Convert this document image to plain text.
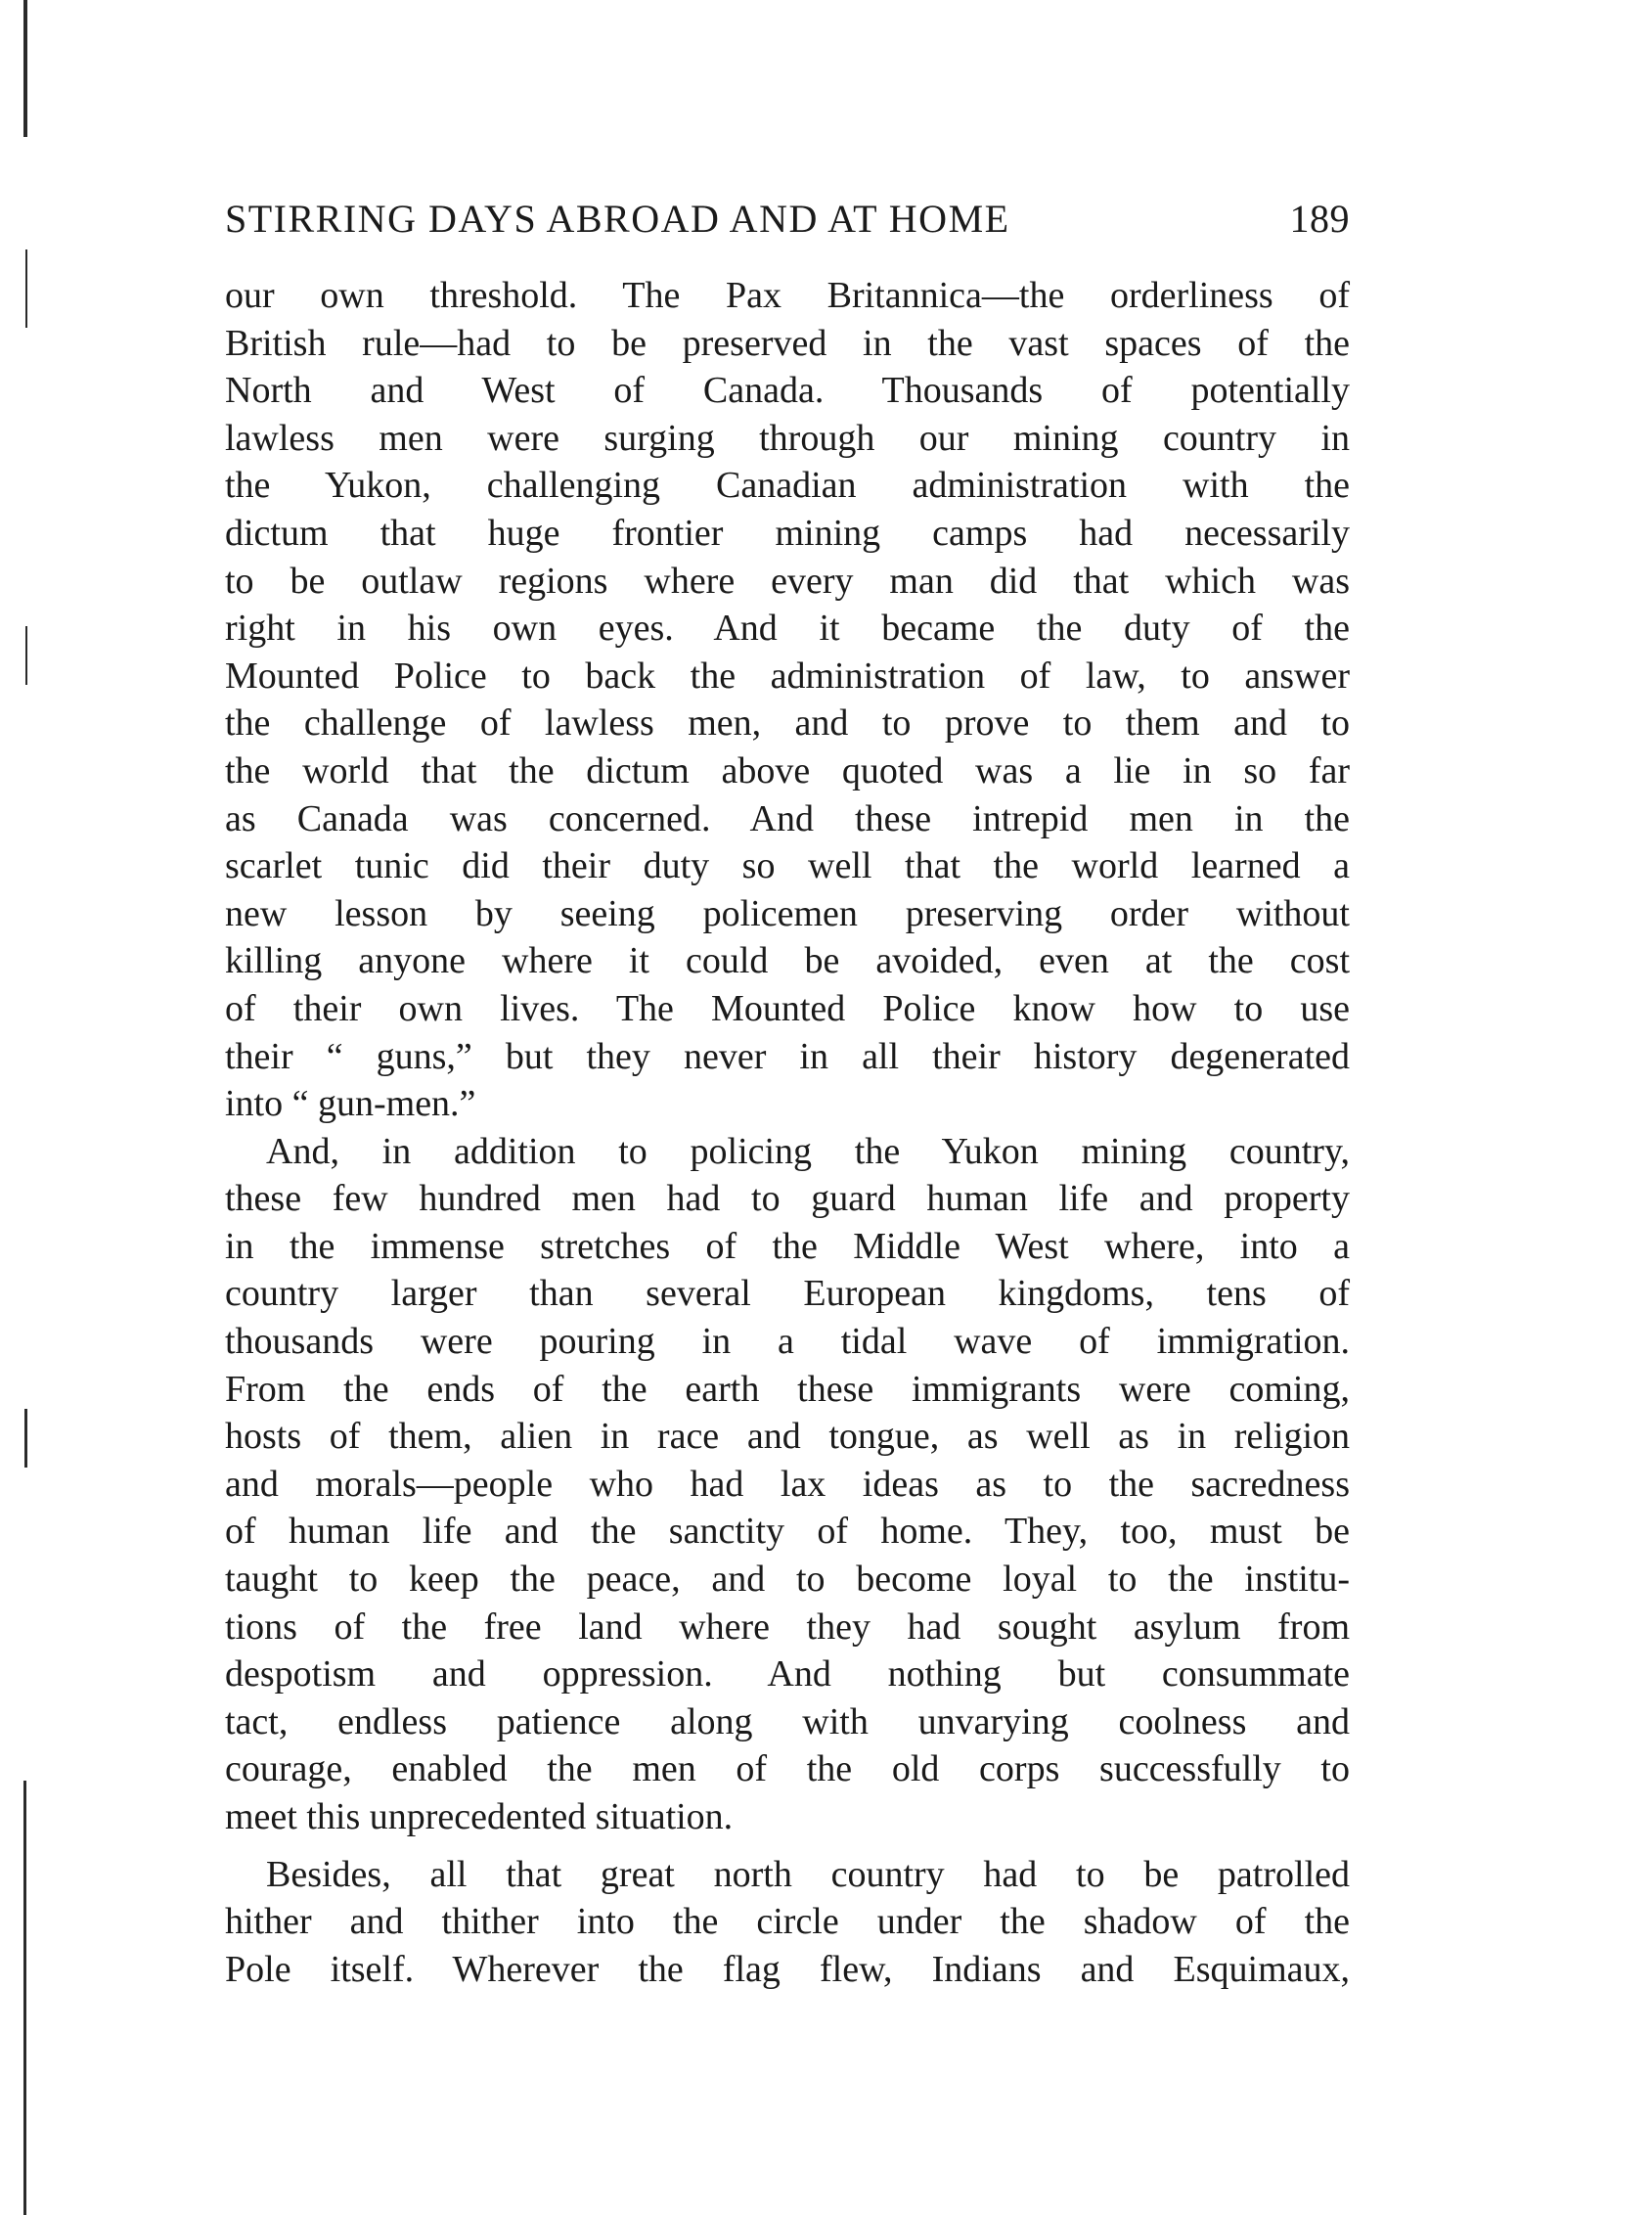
STIRRING DAYS ABROAD AND AT HOME	189

our own threshold. The Pax Britannica—the orderliness of
British rule—had to be preserved in the vast spaces of the
North and West of Canada. Thousands of potentially
lawless men were surging through our mining country in
the Yukon, challenging Canadian administration with the
dictum that huge frontier mining camps had necessarily
to be outlaw regions where every man did that which was
right in his own eyes. And it became the duty of the
Mounted Police to back the administration of law, to answer
the challenge of lawless men, and to prove to them and to
the world that the dictum above quoted was a lie in so far
as Canada was concerned. And these intrepid men in the
scarlet tunic did their duty so well that the world learned a
new lesson by seeing policemen preserving order without
killing anyone where it could be avoided, even at the cost
of their own lives. The Mounted Police know how to use
their “ guns,” but they never in all their history degenerated
into “ gun-men.”

And, in addition to policing the Yukon mining country,
these few hundred men had to guard human life and property
in the immense stretches of the Middle West where, into a
country larger than several European kingdoms, tens of
thousands were pouring in a tidal wave of immigration.
From the ends of the earth these immigrants were coming,
hosts of them, alien in race and tongue, as well as in religion
and morals—people who had lax ideas as to the sacredness
of human life and the sanctity of home. They, too, must be
taught to keep the peace, and to become loyal to the institu-
tions of the free land where they had sought asylum from
despotism and oppression. And nothing but consummate
tact, endless patience along with unvarying coolness and
courage, enabled the men of the old corps successfully to
meet this unprecedented situation.

Besides, all that great north country had to be patrolled
hither and thither into the circle under the shadow of the
Pole itself. Wherever the flag flew, Indians and Esquimaux,
